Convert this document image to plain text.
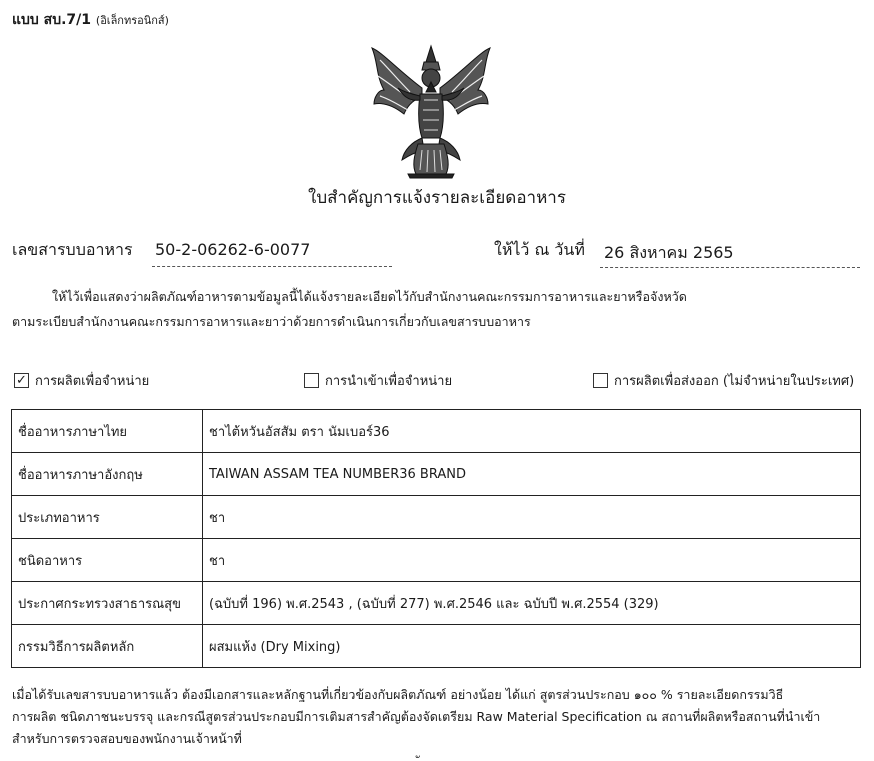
แบบ สบ.7/1 (อิเล็กทรอนิกส์)
ใบสำคัญการแจ้งรายละเอียดอาหาร
เลขสารบบอาหาร 50-2-06262-6-0077	ให้ไว้ ณ วันที่ 26 สิงหาคม 2565
ให้ไว้เพื่อแสดงว่าผลิตภัณฑ์อาหารตามข้อมูลนี้ได้แจ้งรายละเอียดไว้กับสำนักงานคณะกรรมการอาหารและยาหรือจังหวัด
ตามระเบียบสำนักงานคณะกรรมการอาหารและยาว่าด้วยการดำเนินการเกี่ยวกับเลขสารบบอาหาร
✓ การผลิตเพื่อจำหน่าย	การนำเข้าเพื่อจำหน่าย	การผลิตเพื่อส่งออก (ไม่จำหน่ายในประเทศ)
ชื่ออาหารภาษาไทย	ชาไต้หวันอัสสัม ตรา นัมเบอร์36
ชื่ออาหารภาษาอังกฤษ	TAIWAN ASSAM TEA NUMBER36 BRAND
ประเภทอาหาร	ชา
ชนิดอาหาร	ชา
ประกาศกระทรวงสาธารณสุข	(ฉบับที่ 196) พ.ศ.2543 , (ฉบับที่ 277) พ.ศ.2546 และ ฉบับปี พ.ศ.2554 (329)
กรรมวิธีการผลิตหลัก	ผสมแห้ง (Dry Mixing)
เมื่อได้รับเลขสารบบอาหารแล้ว ต้องมีเอกสารและหลักฐานที่เกี่ยวข้องกับผลิตภัณฑ์ อย่างน้อย ได้แก่ สูตรส่วนประกอบ ๑๐๐ % รายละเอียดกรรมวิธี
การผลิต ชนิดภาชนะบรรจุ และกรณีสูตรส่วนประกอบมีการเติมสารสำคัญต้องจัดเตรียม Raw Material Specification ณ สถานที่ผลิตหรือสถานที่นำเข้า
สำหรับการตรวจสอบของพนักงานเจ้าหน้าที่
